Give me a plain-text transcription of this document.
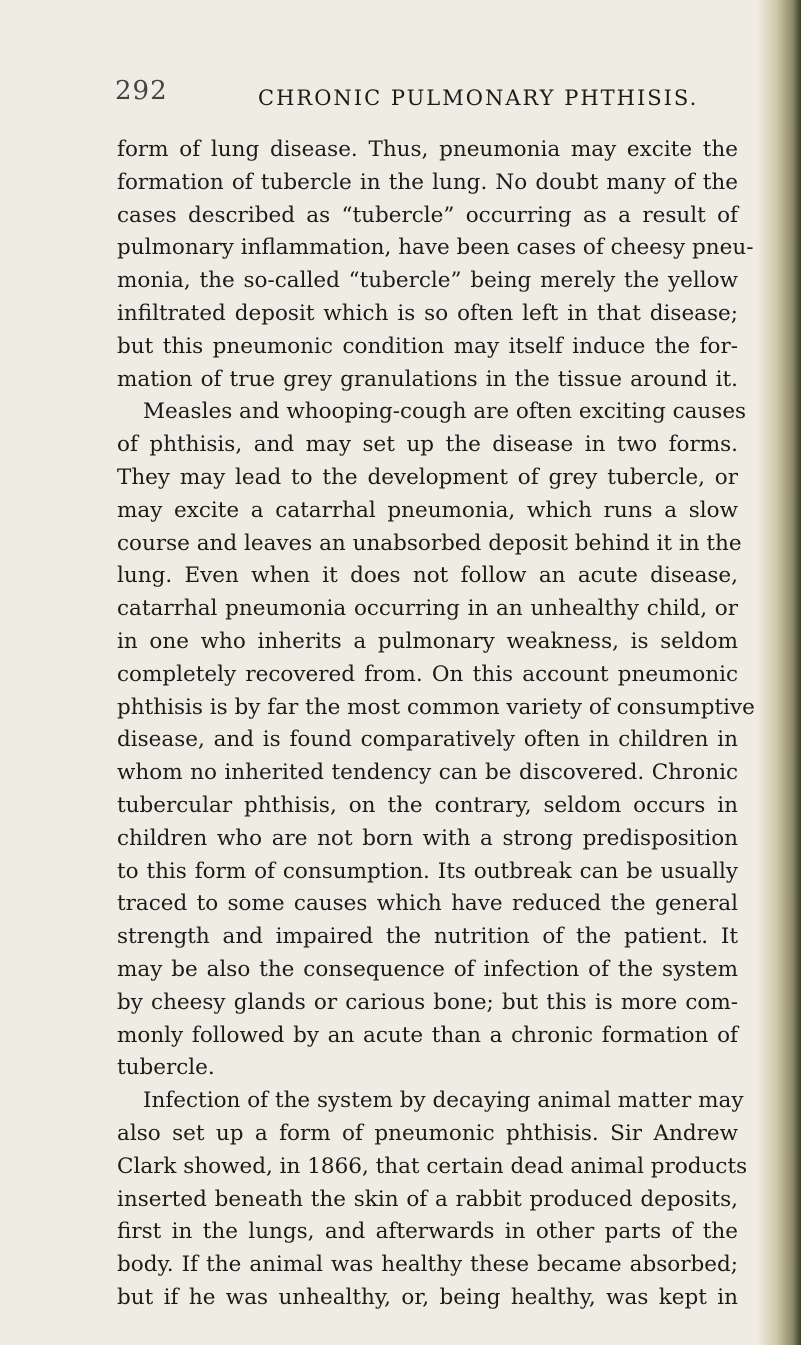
292	CHRONIC PULMONARY PHTHISIS.
form of lung disease. Thus, pneumonia may excite the
formation of tubercle in the lung. No doubt many of the
cases described as “tubercle” occurring as a result of
pulmonary inflammation, have been cases of cheesy pneu-
monia, the so-called “tubercle” being merely the yellow
infiltrated deposit which is so often left in that disease;
but this pneumonic condition may itself induce the for-
mation of true grey granulations in the tissue around it.
Measles and whooping-cough are often exciting causes
of phthisis, and may set up the disease in two forms.
They may lead to the development of grey tubercle, or
may excite a catarrhal pneumonia, which runs a slow
course and leaves an unabsorbed deposit behind it in the
lung. Even when it does not follow an acute disease,
catarrhal pneumonia occurring in an unhealthy child, or
in one who inherits a pulmonary weakness, is seldom
completely recovered from. On this account pneumonic
phthisis is by far the most common variety of consumptive
disease, and is found comparatively often in children in
whom no inherited tendency can be discovered. Chronic
tubercular phthisis, on the contrary, seldom occurs in
children who are not born with a strong predisposition
to this form of consumption. Its outbreak can be usually
traced to some causes which have reduced the general
strength and impaired the nutrition of the patient. It
may be also the consequence of infection of the system
by cheesy glands or carious bone; but this is more com-
monly followed by an acute than a chronic formation of
tubercle.
Infection of the system by decaying animal matter may
also set up a form of pneumonic phthisis. Sir Andrew
Clark showed, in 1866, that certain dead animal products
inserted beneath the skin of a rabbit produced deposits,
first in the lungs, and afterwards in other parts of the
body. If the animal was healthy these became absorbed;
but if he was unhealthy, or, being healthy, was kept in
